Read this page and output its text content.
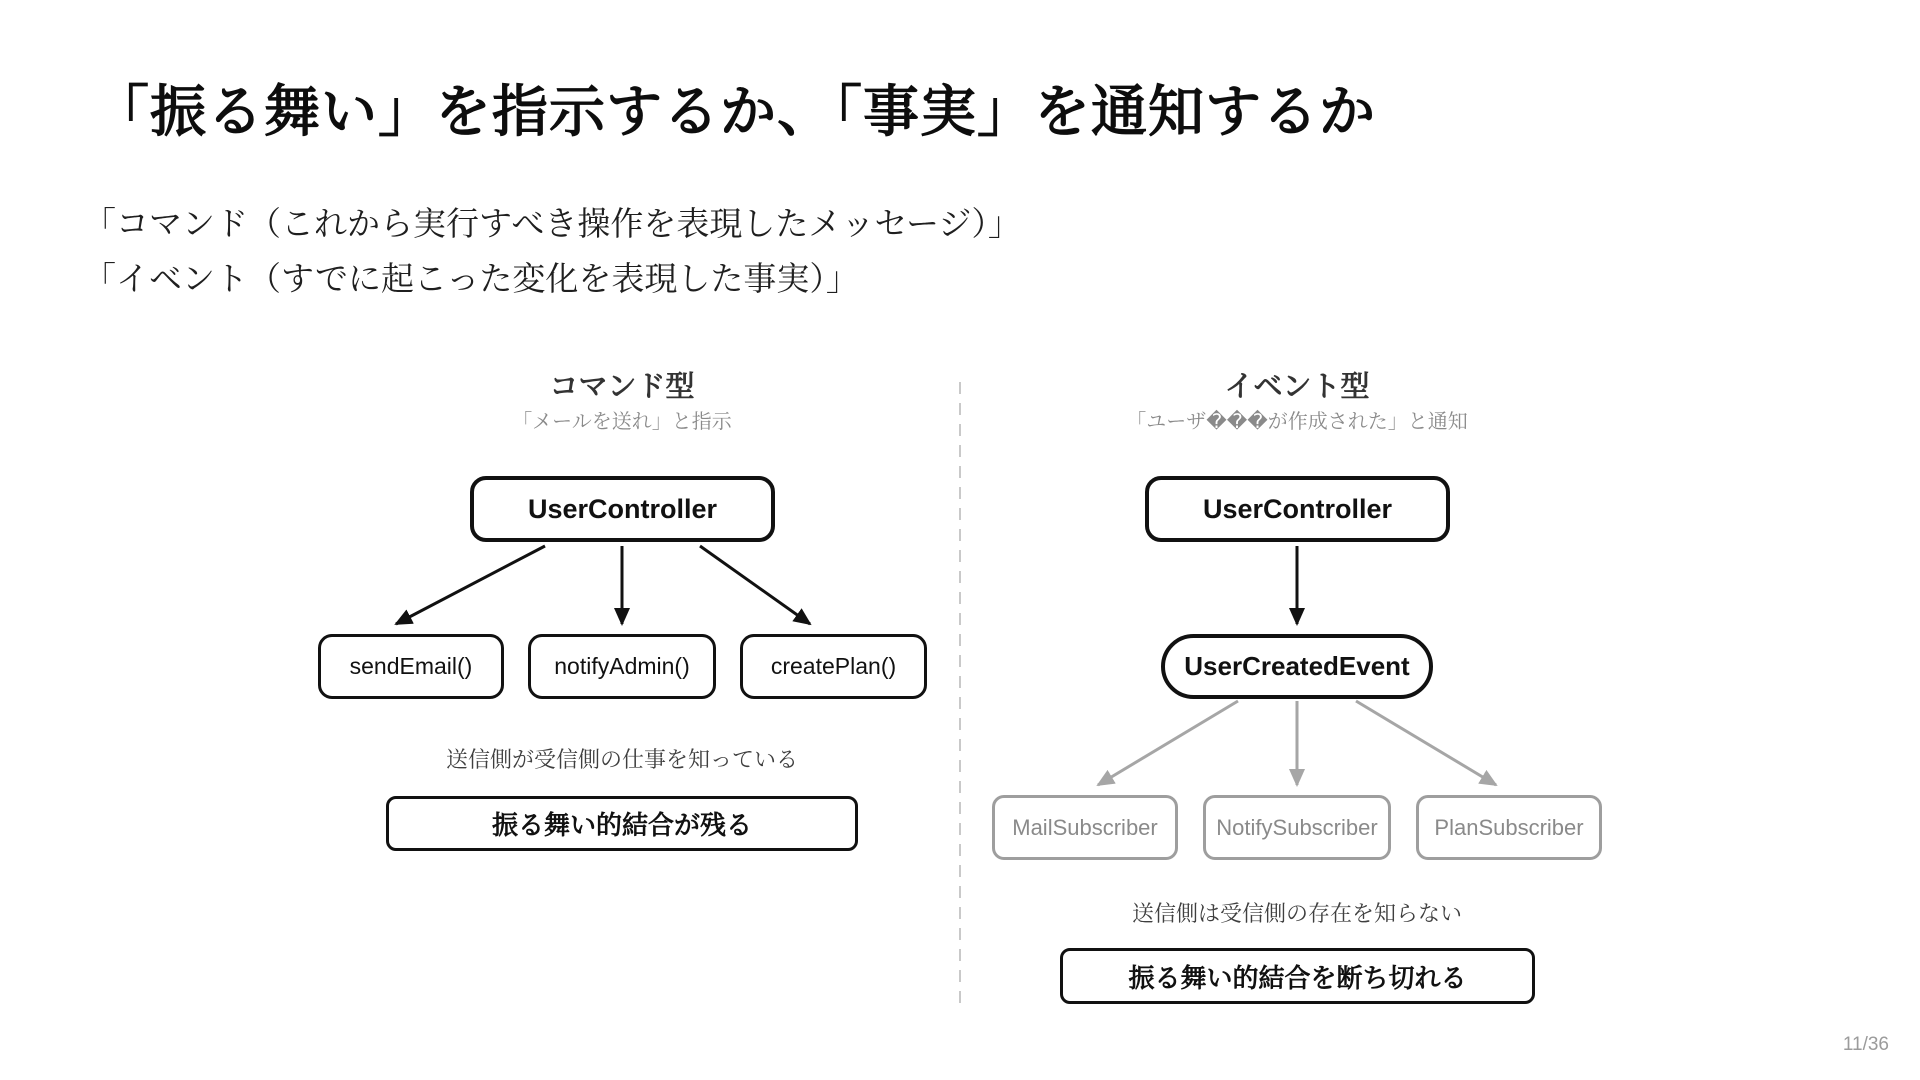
「振る舞い」を指示するか、「事実」を通知するか

「コマンド（これから実行すべき操作を表現したメッセージ）」

「イベント（すでに起こった変化を表現した事実）」

コマンド型
「メールを送れ」と指示
UserController
sendEmail()	notifyAdmin()	createPlan()
送信側が受信側の仕事を知っている
振る舞い的結合が残る
イベント型
「ユーザ���が作成された」と通知
UserController
UserCreatedEvent
MailSubscriber	NotifySubscriber	PlanSubscriber
送信側は受信側の存在を知らない
振る舞い的結合を断ち切れる
11/36
